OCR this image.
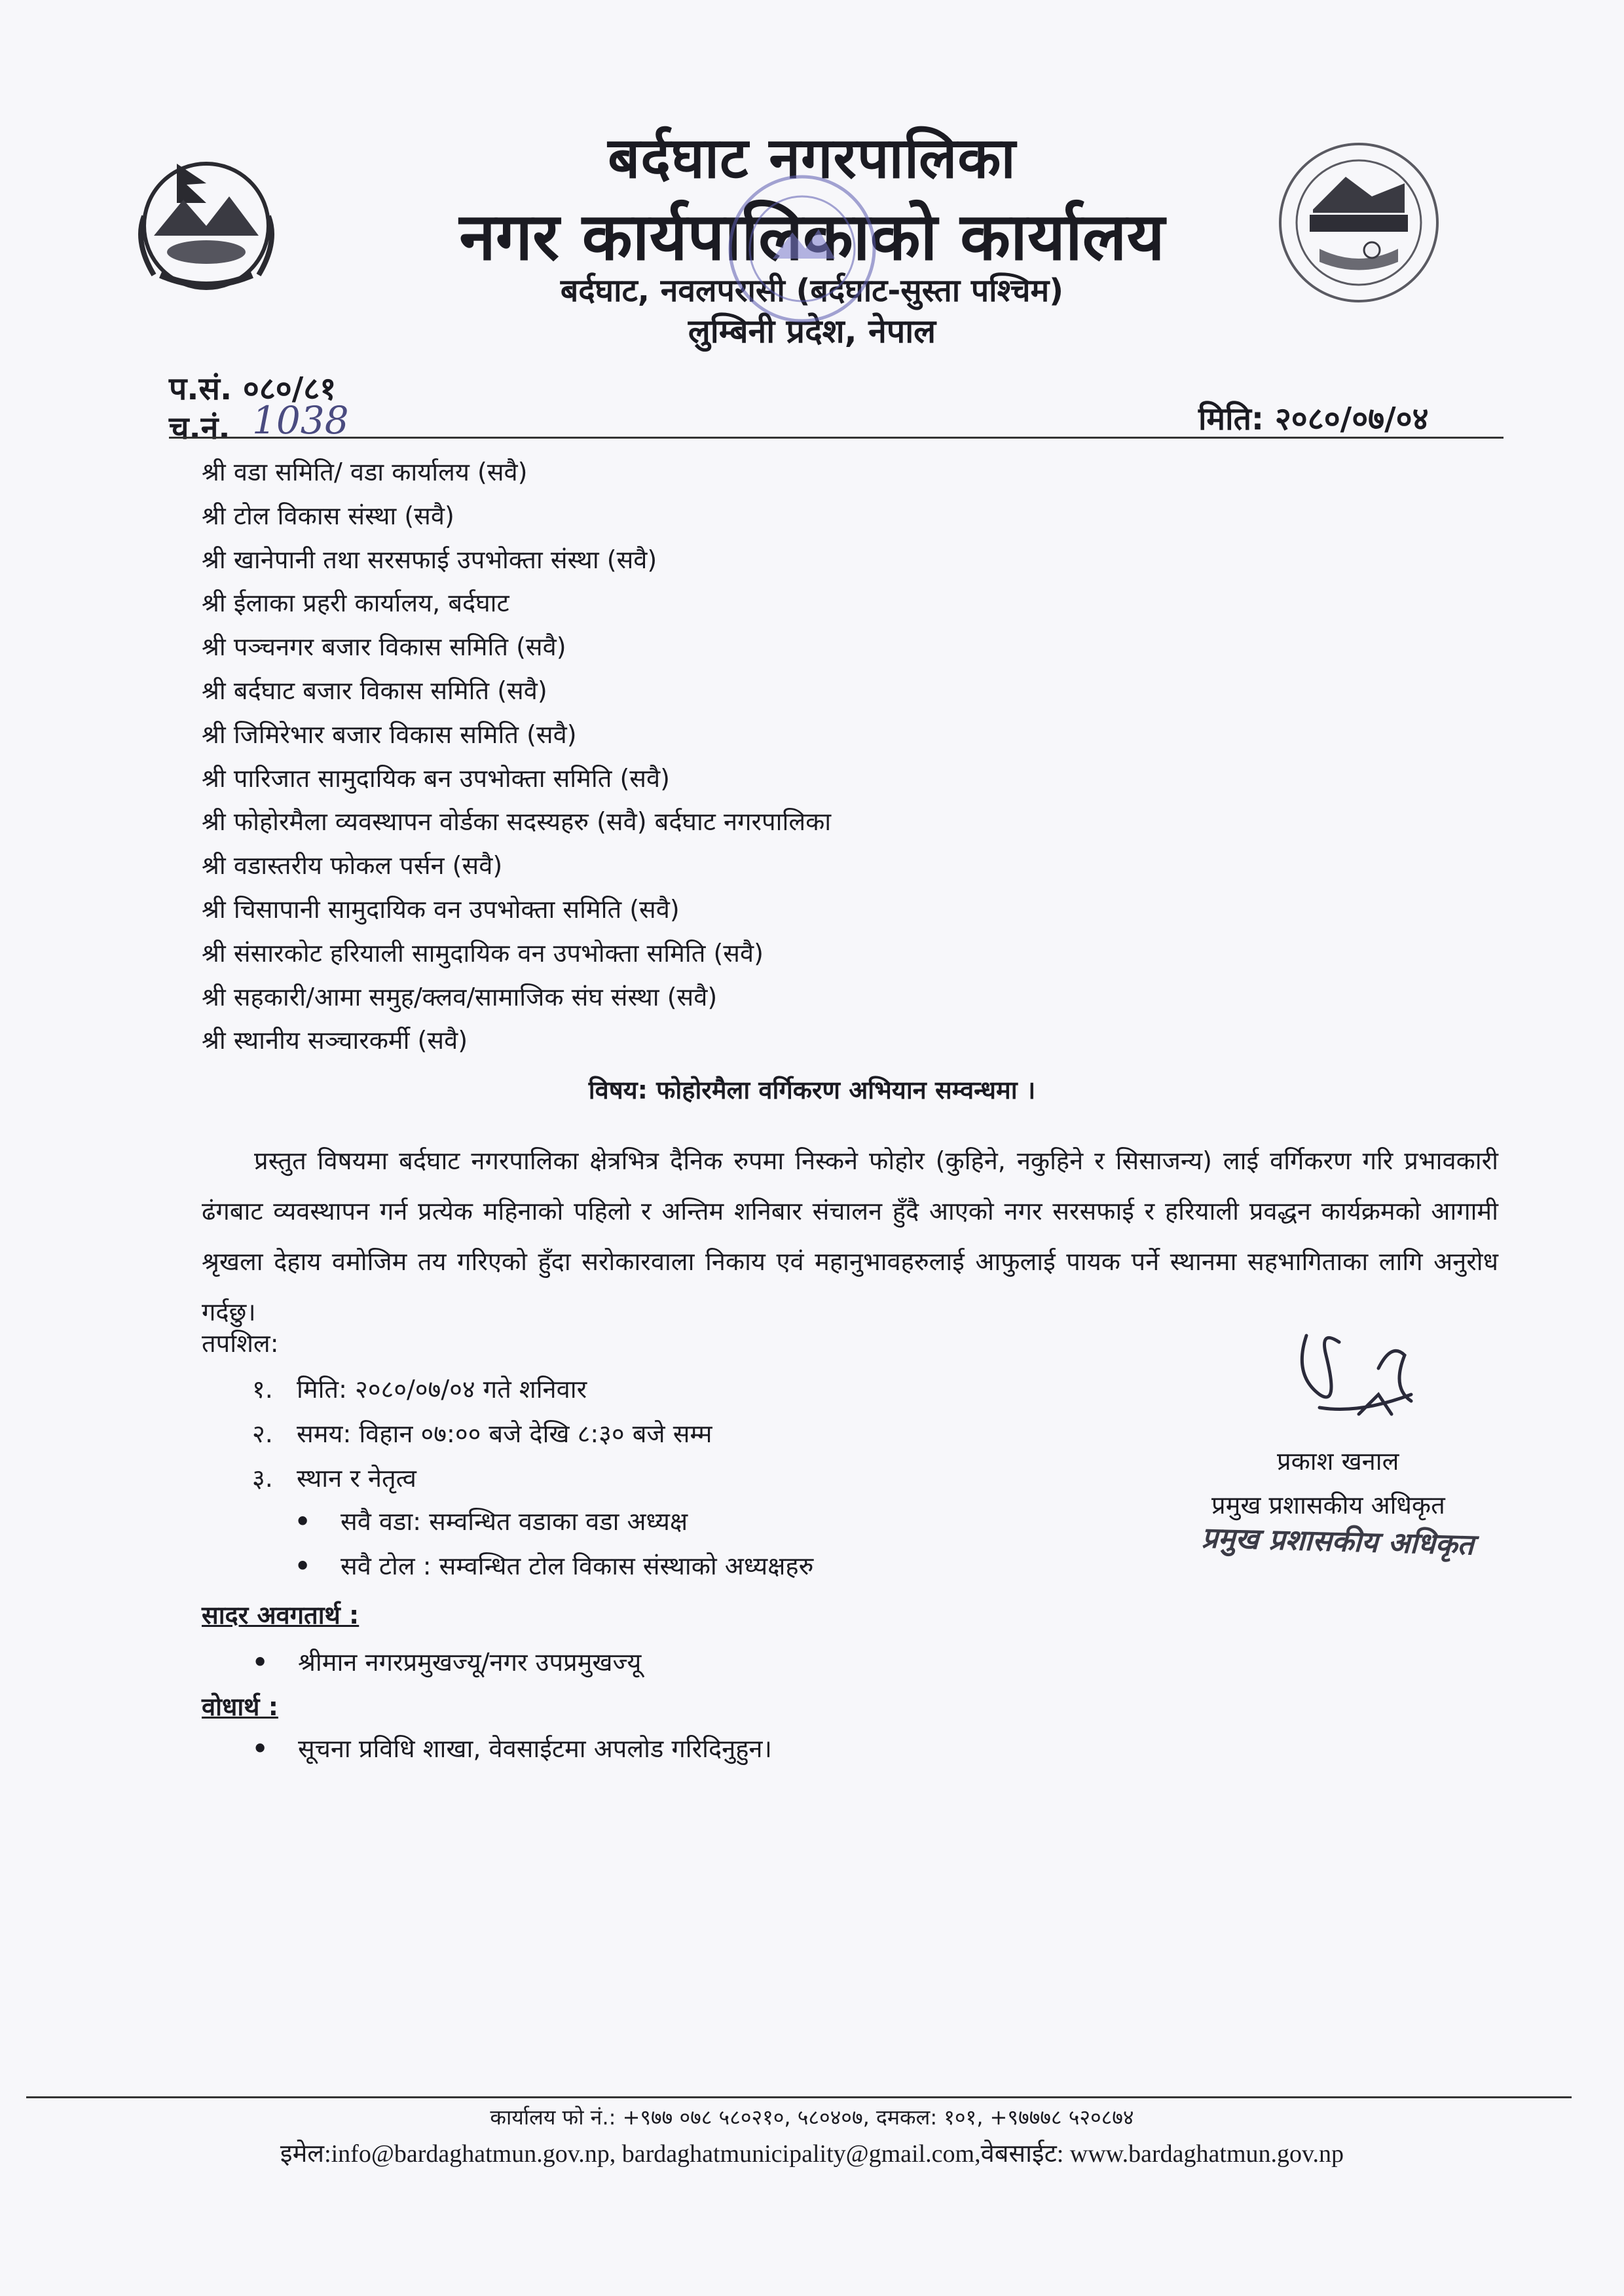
बर्दघाट नगरपालिका
नगर कार्यपालिकाको कार्यालय
बर्दघाट, नवलपरासी (बर्दघाट-सुस्ता पश्चिम)
लुम्बिनी प्रदेश, नेपाल
प.सं. ०८०/८१
च.नं. 1038	मिति: २०८०/०७/०४
श्री वडा समिति/ वडा कार्यालय (सवै)
श्री टोल विकास संस्था (सवै)
श्री खानेपानी तथा सरसफाई उपभोक्ता संस्था (सवै)
श्री ईलाका प्रहरी कार्यालय, बर्दघाट
श्री पञ्चनगर बजार विकास समिति (सवै)
श्री बर्दघाट बजार विकास समिति (सवै)
श्री जिमिरेभार बजार विकास समिति (सवै)
श्री पारिजात सामुदायिक बन उपभोक्ता समिति (सवै)
श्री फोहोरमैला व्यवस्थापन वोर्डका सदस्यहरु (सवै) बर्दघाट नगरपालिका
श्री वडास्तरीय फोकल पर्सन (सवै)
श्री चिसापानी सामुदायिक वन उपभोक्ता समिति (सवै)
श्री संसारकोट हरियाली सामुदायिक वन उपभोक्ता समिति (सवै)
श्री सहकारी/आमा समुह/क्लव/सामाजिक संघ संस्था (सवै)
श्री स्थानीय सञ्चारकर्मी (सवै)
विषय: फोहोरमैला वर्गिकरण अभियान सम्वन्धमा ।
प्रस्तुत विषयमा बर्दघाट नगरपालिका क्षेत्रभित्र दैनिक रुपमा निस्कने फोहोर (कुहिने, नकुहिने र सिसाजन्य) लाई वर्गिकरण गरि प्रभावकारी ढंगबाट व्यवस्थापन गर्न प्रत्येक महिनाको पहिलो र अन्तिम शनिबार संचालन हुँदै आएको नगर सरसफाई र हरियाली प्रवद्धन कार्यक्रमको आगामी श्रृखला देहाय वमोजिम तय गरिएको हुँदा सरोकारवाला निकाय एवं महानुभावहरुलाई आफुलाई पायक पर्ने स्थानमा सहभागिताका लागि अनुरोध गर्दछु।
तपशिल:
१. मिति: २०८०/०७/०४ गते शनिवार
२. समय: विहान ०७:०० बजे देखि ८:३० बजे सम्म
३. स्थान र नेतृत्व
• सवै वडा: सम्वन्धित वडाका वडा अध्यक्ष
• सवै टोल : सम्वन्धित टोल विकास संस्थाको अध्यक्षहरु
प्रकाश खनाल
प्रमुख प्रशासकीय अधिकृत
प्रमुख प्रशासकीय अधिकृत
सादर अवगतार्थ :
• श्रीमान नगरप्रमुखज्यू/नगर उपप्रमुखज्यू
वोधार्थ :
• सूचना प्रविधि शाखा, वेवसाईटमा अपलोड गरिदिनुहुन।
कार्यालय फो नं.: +९७७ ०७८ ५८०२१०, ५८०४०७, दमकल: १०१, +९७७७८ ५२०८७४
इमेल:info@bardaghatmun.gov.np, bardaghatmunicipality@gmail.com,वेबसाईट: www.bardaghatmun.gov.np
